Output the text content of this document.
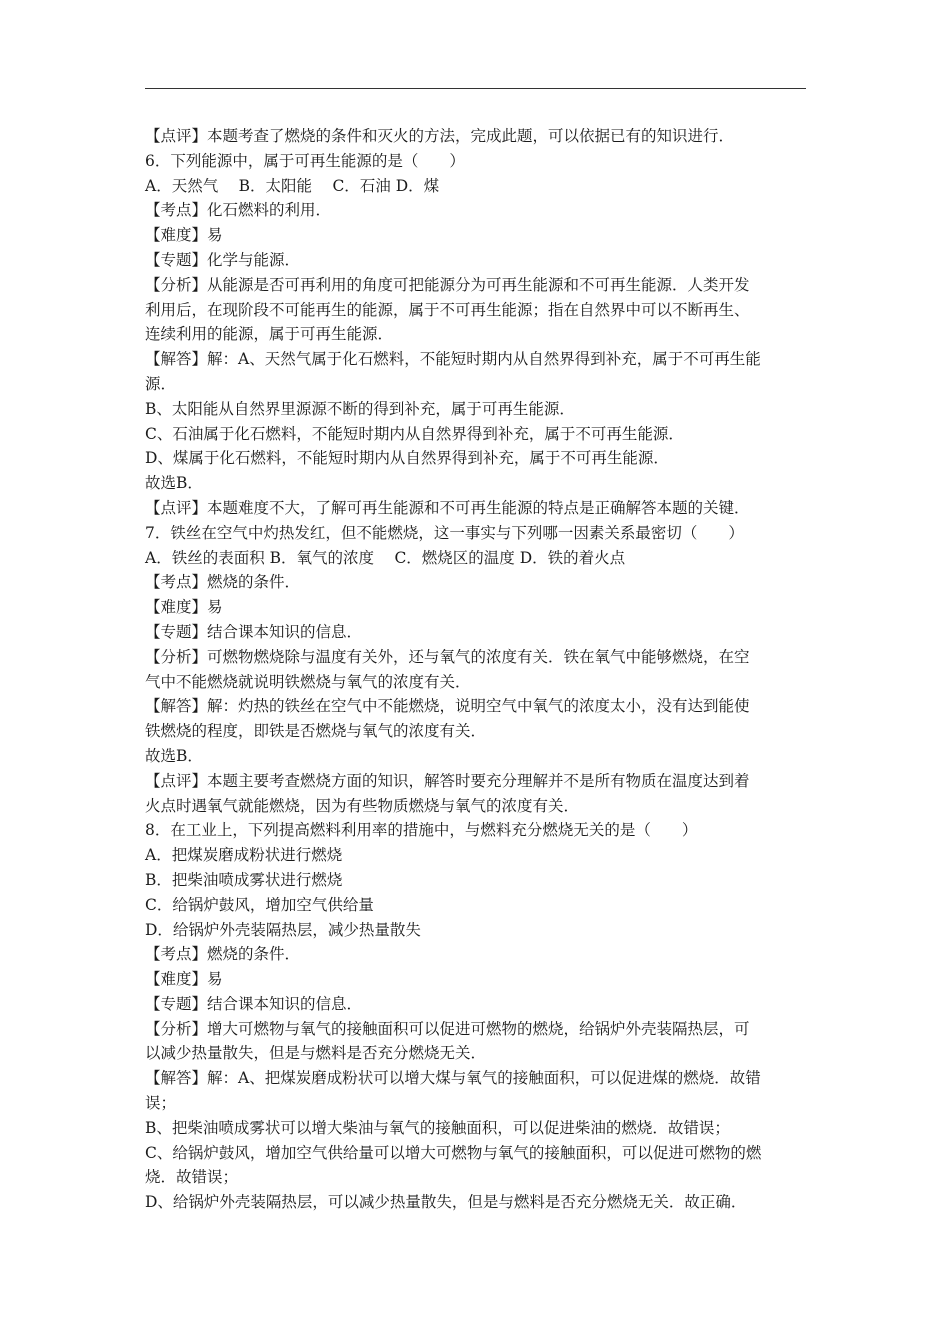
【点评】本题考查了燃烧的条件和灭火的方法，完成此题，可以依据已有的知识进行．
6．下列能源中，属于可再生能源的是（　　）
A．天然气　 B．太阳能　 C．石油 D．煤
【考点】化石燃料的利用．
【难度】易
【专题】化学与能源．
【分析】从能源是否可再利用的角度可把能源分为可再生能源和不可再生能源．人类开发
利用后，在现阶段不可能再生的能源，属于不可再生能源；指在自然界中可以不断再生、
连续利用的能源，属于可再生能源．
【解答】解：A、天然气属于化石燃料，不能短时期内从自然界得到补充，属于不可再生能
源．
B、太阳能从自然界里源源不断的得到补充，属于可再生能源．
C、石油属于化石燃料，不能短时期内从自然界得到补充，属于不可再生能源．
D、煤属于化石燃料，不能短时期内从自然界得到补充，属于不可再生能源．
故选B．
【点评】本题难度不大，了解可再生能源和不可再生能源的特点是正确解答本题的关键．
7．铁丝在空气中灼热发红，但不能燃烧，这一事实与下列哪一因素关系最密切（　　）
A．铁丝的表面积 B．氧气的浓度　 C．燃烧区的温度 D．铁的着火点
【考点】燃烧的条件．
【难度】易
【专题】结合课本知识的信息．
【分析】可燃物燃烧除与温度有关外，还与氧气的浓度有关．铁在氧气中能够燃烧，在空
气中不能燃烧就说明铁燃烧与氧气的浓度有关．
【解答】解：灼热的铁丝在空气中不能燃烧，说明空气中氧气的浓度太小，没有达到能使
铁燃烧的程度，即铁是否燃烧与氧气的浓度有关．
故选B．
【点评】本题主要考查燃烧方面的知识，解答时要充分理解并不是所有物质在温度达到着
火点时遇氧气就能燃烧，因为有些物质燃烧与氧气的浓度有关．
8．在工业上，下列提高燃料利用率的措施中，与燃料充分燃烧无关的是（　　）
A．把煤炭磨成粉状进行燃烧
B．把柴油喷成雾状进行燃烧
C．给锅炉鼓风，增加空气供给量
D．给锅炉外壳装隔热层，减少热量散失
【考点】燃烧的条件．
【难度】易
【专题】结合课本知识的信息．
【分析】增大可燃物与氧气的接触面积可以促进可燃物的燃烧，给锅炉外壳装隔热层，可
以减少热量散失，但是与燃料是否充分燃烧无关．
【解答】解：A、把煤炭磨成粉状可以增大煤与氧气的接触面积，可以促进煤的燃烧．故错
误；
B、把柴油喷成雾状可以增大柴油与氧气的接触面积，可以促进柴油的燃烧．故错误；
C、给锅炉鼓风，增加空气供给量可以增大可燃物与氧气的接触面积，可以促进可燃物的燃
烧．故错误；
D、给锅炉外壳装隔热层，可以减少热量散失，但是与燃料是否充分燃烧无关．故正确．
